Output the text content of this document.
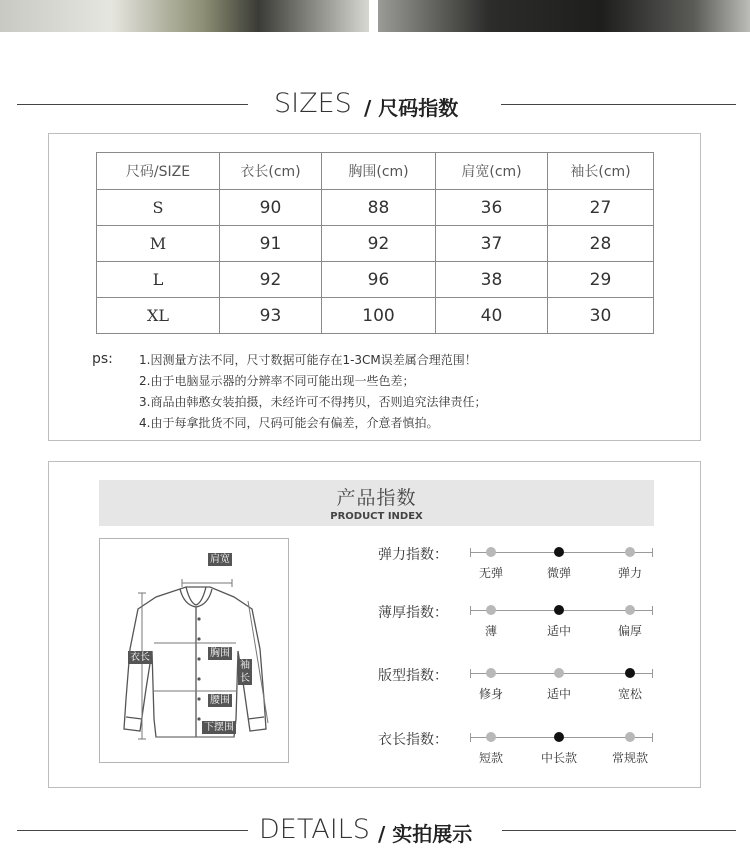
SIZES / 尺码指数
尺码/SIZE	衣长(cm)	胸围(cm)	肩宽(cm)	袖长(cm)
S	90	88	36	27
M	91	92	37	28
L	92	96	38	29
XL	93	100	40	30
ps: 1.因测量方法不同，尺寸数据可能存在1-3CM误差属合理范围！
2.由于电脑显示器的分辨率不同可能出现一些色差；
3.商品由韩憨女装拍摄，未经许可不得拷贝，否则追究法律责任；
4.由于每拿批货不同，尺码可能会有偏差，介意者慎拍。
产品指数
PRODUCT INDEX
肩宽
衣长	胸围
袖长
腰围
下摆围
弹力指数：
无弹	微弹	弹力
薄厚指数：
薄	适中	偏厚
版型指数：
修身	适中	宽松
衣长指数：
短款	中长款	常规款
DETAILS / 实拍展示
